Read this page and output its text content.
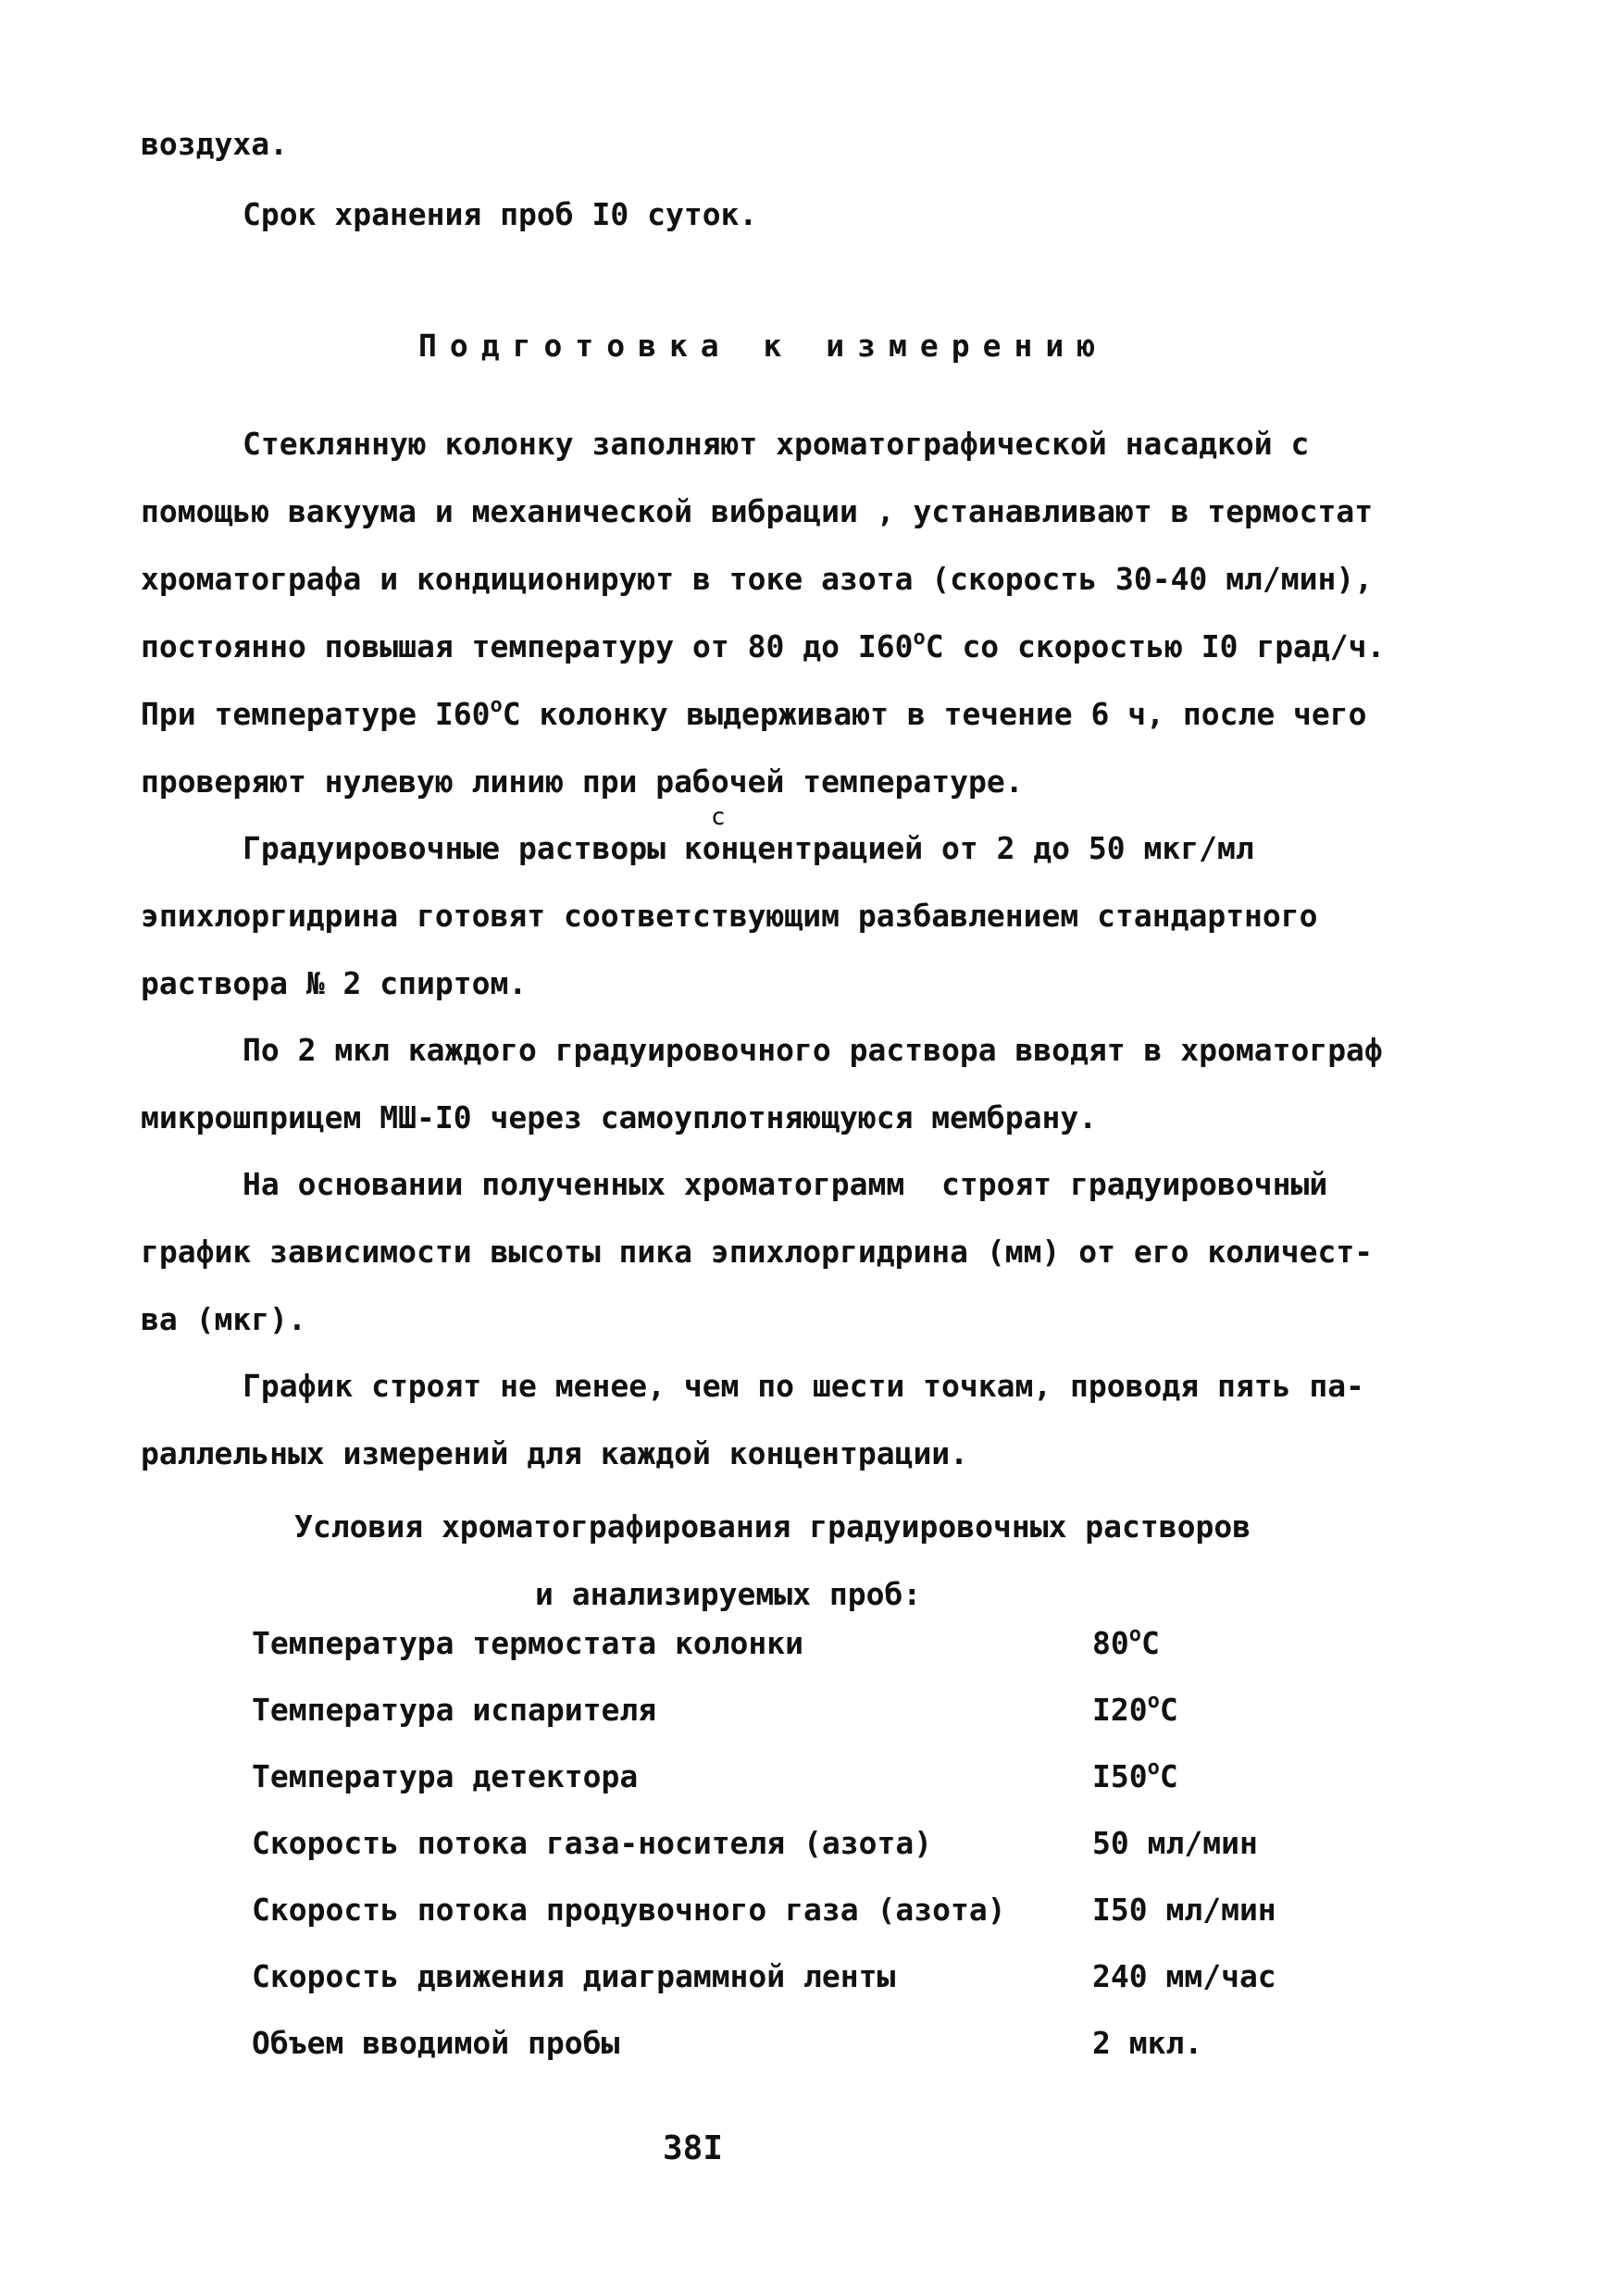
воздуха.
Срок хранения проб I0 суток.
Подготовка к измерению
Стеклянную колонку заполняют хроматографической насадкой с
помощью вакуума и механической вибрации , устанавливают в термостат
хроматографа и кондиционируют в токе азота (скорость 30-40 мл/мин),
постоянно повышая температуру от 80 до I60$^o$С со скоростью I0 град/ч.
При температуре I60$^o$С колонку выдерживают в течение 6 ч, после чего
проверяют нулевую линию при рабочей температуре.
с
Градуировочные растворы концентрацией от 2 до 50 мкг/мл
эпихлоргидрина готовят соответствующим разбавлением стандартного
раствора № 2 спиртом.
По 2 мкл каждого градуировочного раствора вводят в хроматограф
микрошприцем МШ-I0 через самоуплотняющуюся мембрану.
На основании полученных хроматограмм  строят градуировочный
график зависимости высоты пика эпихлоргидрина (мм) от его количест-
ва (мкг).
График строят не менее, чем по шести точкам, проводя пять па-
раллельных измерений для каждой концентрации.
Условия хроматографирования градуировочных растворов
и анализируемых проб:
Температура термостата колонки	80$^o$С
Температура испарителя	I20$^o$С
Температура детектора	I50$^o$С
Скорость потока газа-носителя (азота)	50 мл/мин
Скорость потока продувочного газа (азота)	I50 мл/мин
Скорость движения диаграммной ленты	240 мм/час
Объем вводимой пробы	2 мкл.
38I
